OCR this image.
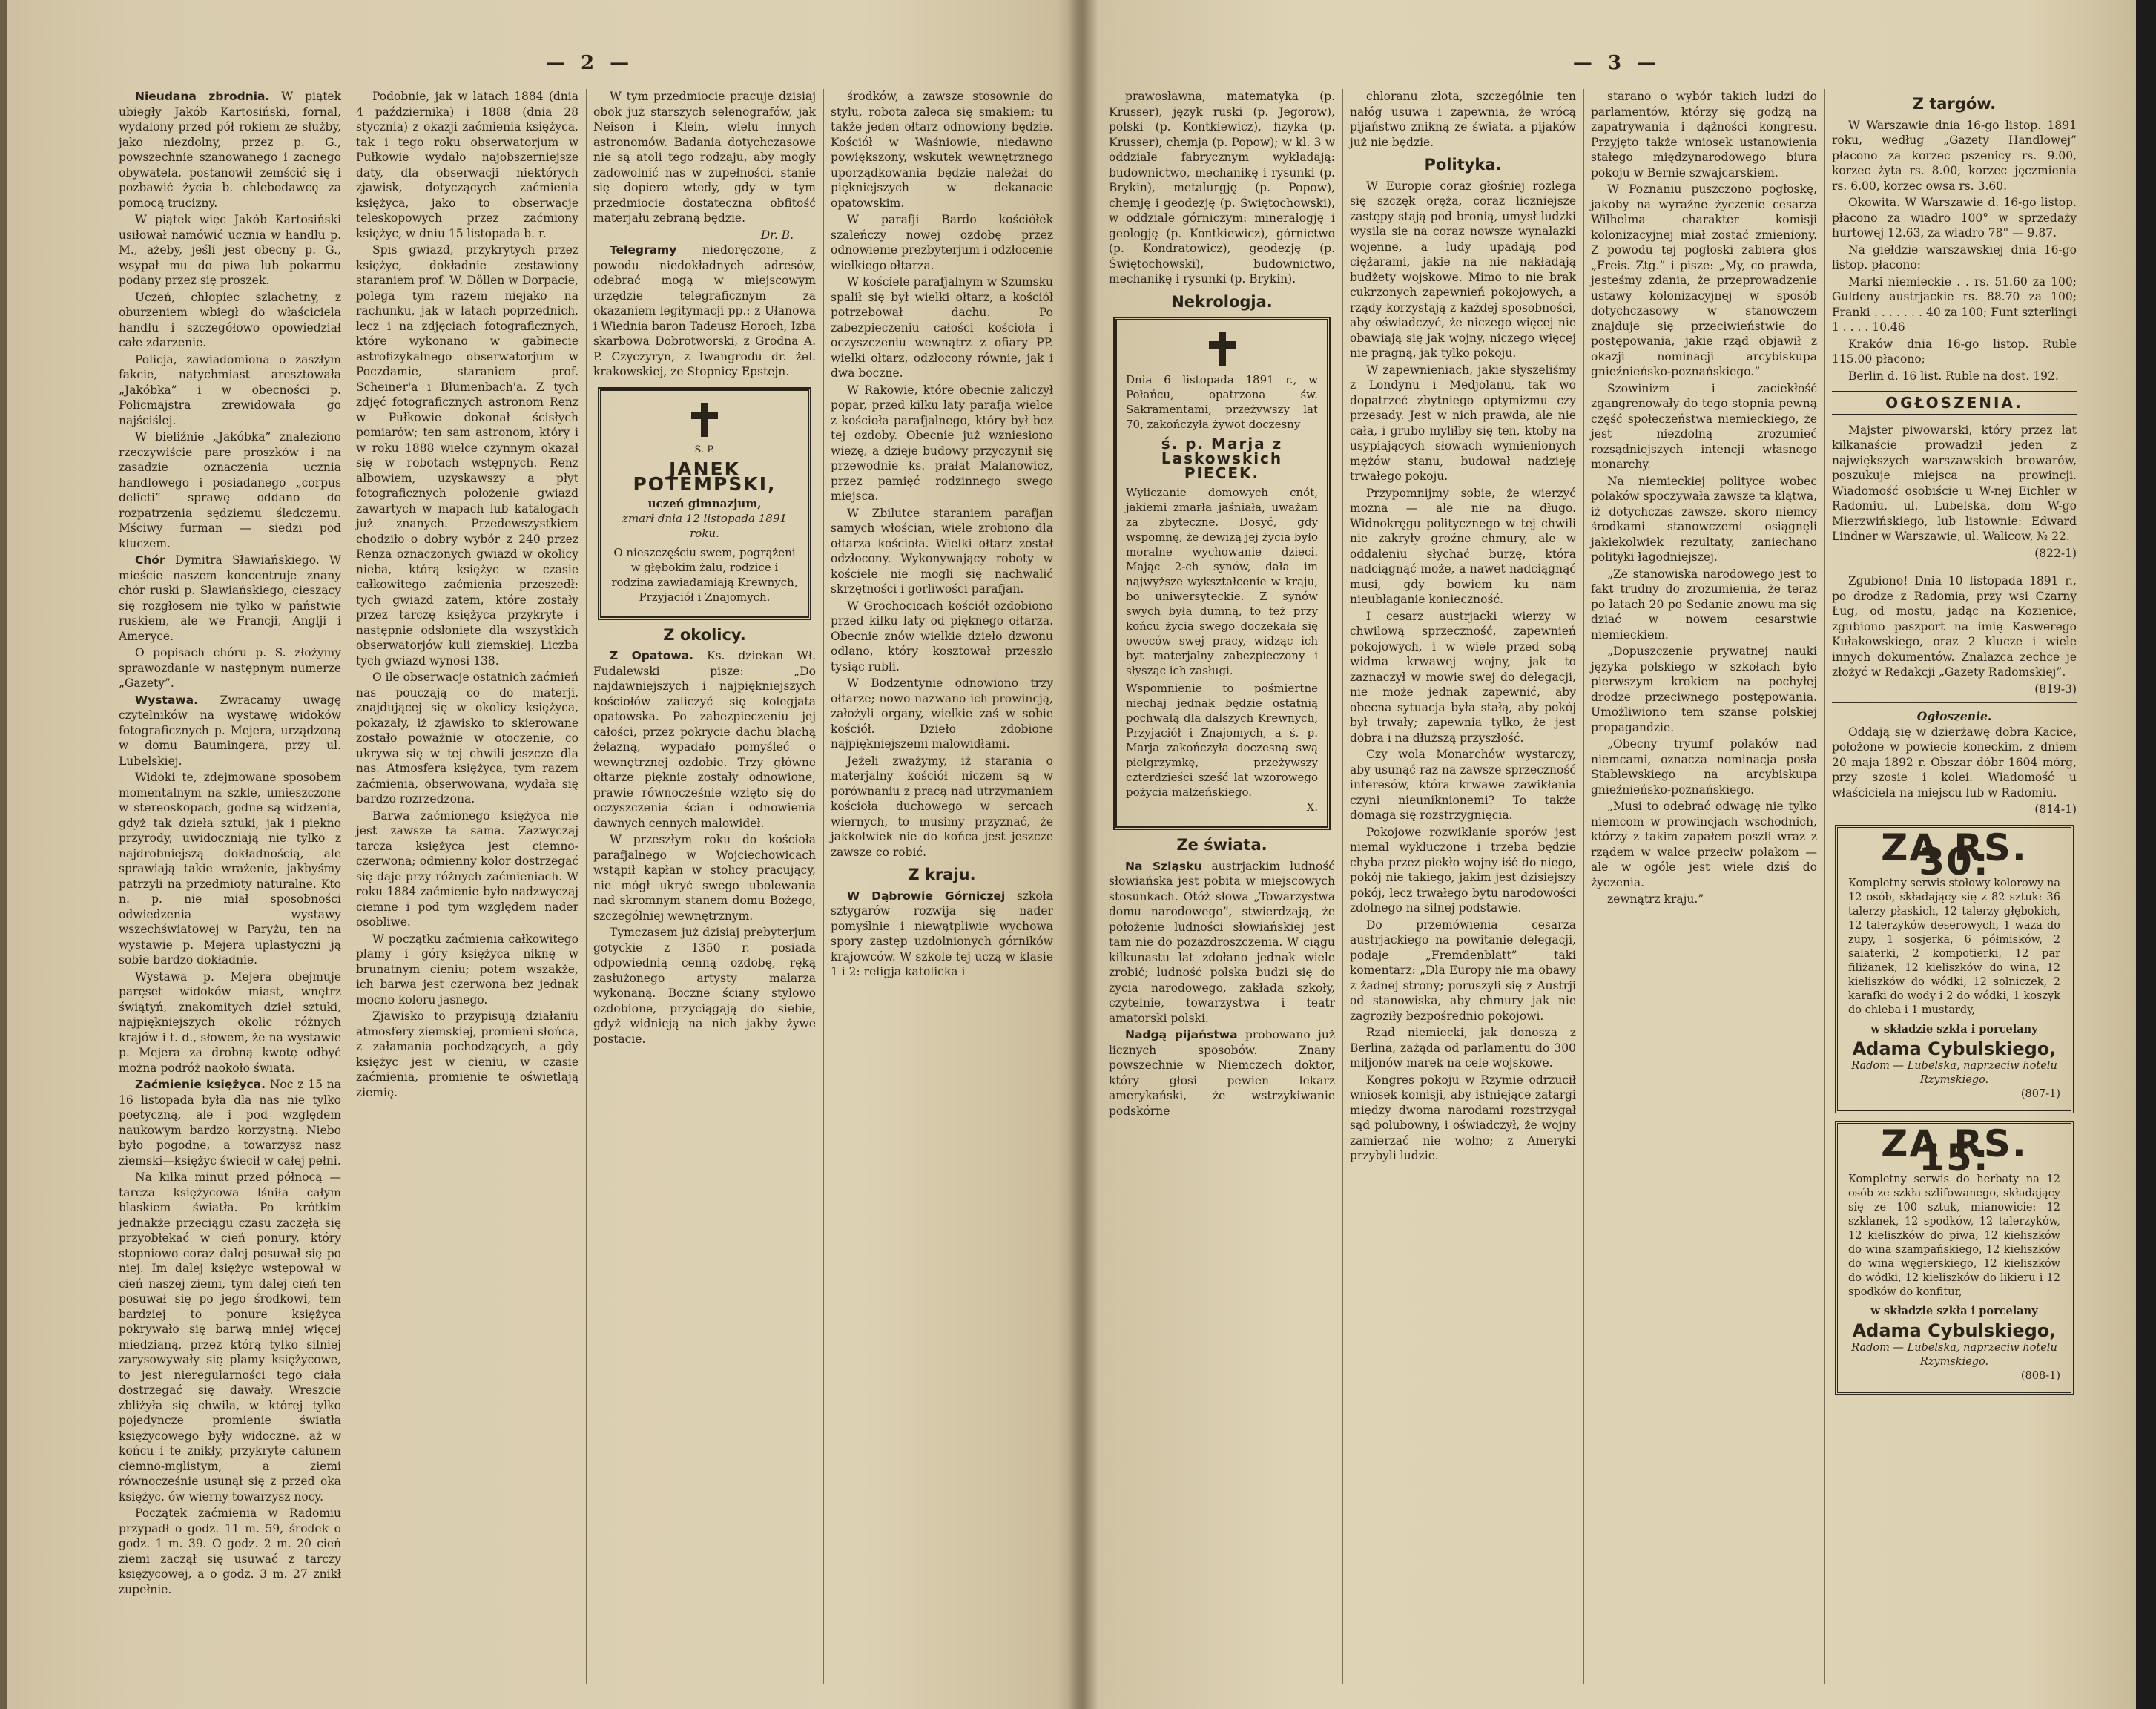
— 2 —

Nieudana zbrodnia. W piątek ubiegły Jakób Kartosiński, fornal, wydalony przed pół rokiem ze służby, jako niezdolny, przez p. G., powszechnie szanowanego i zacnego obywatela, postanowił zemścić się i pozbawić życia b. chlebodawcę za pomocą trucizny.

W piątek więc Jakób Kartosiński usiłował namówić ucznia w handlu p. M., ażeby, jeśli jest obecny p. G., wsypał mu do piwa lub pokarmu podany przez się proszek.

Uczeń, chłopiec szlachetny, z oburzeniem wbiegł do właściciela handlu i szczegółowo opowiedział całe zdarzenie.

Policja, zawiadomiona o zaszłym fakcie, natychmiast aresztowała „Jakóbka” i w obecności p. Policmajstra zrewidowała go najściślej.

W bieliźnie „Jakóbka” znaleziono rzeczywiście parę proszków i na zasadzie oznaczenia ucznia handlowego i posiadanego „corpus delicti” sprawę oddano do rozpatrzenia sędziemu śledczemu. Mściwy furman — siedzi pod kluczem.

Chór Dymitra Sławiańskiego. W mieście naszem koncentruje znany chór ruski p. Sławiańskiego, cieszący się rozgłosem nie tylko w państwie ruskiem, ale we Francji, Anglji i Ameryce.

O popisach chóru p. S. złożymy sprawozdanie w następnym numerze „Gazety”.

Wystawa. Zwracamy uwagę czytelników na wystawę widoków fotograficznych p. Mejera, urządzoną w domu Baumingera, przy ul. Lubelskiej.

Widoki te, zdejmowane sposobem momentalnym na szkle, umieszczone w stereoskopach, godne są widzenia, gdyż tak dzieła sztuki, jak i piękno przyrody, uwidoczniają nie tylko z najdrobniejszą dokładnością, ale sprawiają takie wrażenie, jakbyśmy patrzyli na przedmioty naturalne. Kto n. p. nie miał sposobności odwiedzenia wystawy wszechświatowej w Paryżu, ten na wystawie p. Mejera uplastyczni ją sobie bardzo dokładnie.

Wystawa p. Mejera obejmuje paręset widoków miast, wnętrz świątyń, znakomitych dzieł sztuki, najpiękniejszych okolic różnych krajów i t. d., słowem, że na wystawie p. Mejera za drobną kwotę odbyć można podróż naokoło świata.

Zaćmienie księżyca. Noc z 15 na 16 listopada była dla nas nie tylko poetyczną, ale i pod względem naukowym bardzo korzystną. Niebo było pogodne, a towarzysz nasz ziemski—księżyc świecił w całej pełni.

Na kilka minut przed północą — tarcza księżycowa lśniła całym blaskiem światła. Po krótkim jednakże przeciągu czasu zaczęła się przyobłekać w cień ponury, który stopniowo coraz dalej posuwał się po niej. Im dalej księżyc wstępował w cień naszej ziemi, tym dalej cień ten posuwał się po jego środkowi, tem bardziej to ponure księżyca pokrywało się barwą mniej więcej miedzianą, przez którą tylko silniej zarysowywały się plamy księżycowe, to jest nieregularności tego ciała dostrzegać się dawały. Wreszcie zbliżyła się chwila, w której tylko pojedyncze promienie światła księżycowego były widoczne, aż w końcu i te znikły, przykryte całunem ciemno-mglistym, a ziemi równocześnie usunął się z przed oka księżyc, ów wierny towarzysz nocy.

Początek zaćmienia w Radomiu przypadł o godz. 11 m. 59, środek o godz. 1 m. 39. O godz. 2 m. 20 cień ziemi zaczął się usuwać z tarczy księżycowej, a o godz. 3 m. 27 znikł zupełnie.

Podobnie, jak w latach 1884 (dnia 4 października) i 1888 (dnia 28 stycznia) z okazji zaćmienia księżyca, tak i tego roku obserwatorjum w Pułkowie wydało najobszerniejsze daty, dla obserwacji niektórych zjawisk, dotyczących zaćmienia księżyca, jako to obserwacje teleskopowych przez zaćmiony księżyc, w dniu 15 listopada b. r.

Spis gwiazd, przykrytych przez księżyc, dokładnie zestawiony staraniem prof. W. Döllen w Dorpacie, polega tym razem niejako na rachunku, jak w latach poprzednich, lecz i na zdjęciach fotograficznych, które wykonano w gabinecie astrofizykalnego obserwatorjum w Poczdamie, staraniem prof. Scheiner'a i Blumenbach'a. Z tych zdjęć fotograficznych astronom Renz w Pułkowie dokonał ścisłych pomiarów; ten sam astronom, który i w roku 1888 wielce czynnym okazał się w robotach wstępnych. Renz albowiem, uzyskawszy a płyt fotograficznych położenie gwiazd zawartych w mapach lub katalogach już znanych. Przedewszystkiem chodziło o dobry wybór z 240 przez Renza oznaczonych gwiazd w okolicy nieba, którą księżyc w czasie całkowitego zaćmienia przeszedł: tych gwiazd zatem, które zostały przez tarczę księżyca przykryte i następnie odsłonięte dla wszystkich obserwatorjów kuli ziemskiej. Liczba tych gwiazd wynosi 138.

O ile obserwacje ostatnich zaćmień nas pouczają co do materji, znajdującej się w okolicy księżyca, pokazały, iż zjawisko to skierowane zostało poważnie w otoczenie, co ukrywa się w tej chwili jeszcze dla nas. Atmosfera księżyca, tym razem zaćmienia, obserwowana, wydała się bardzo rozrzedzona.

Barwa zaćmionego księżyca nie jest zawsze ta sama. Zazwyczaj tarcza księżyca jest ciemno-czerwona; odmienny kolor dostrzegać się daje przy różnych zaćmieniach. W roku 1884 zaćmienie było nadzwyczaj ciemne i pod tym względem nader osobliwe.

W początku zaćmienia całkowitego plamy i góry księżyca niknę w brunatnym cieniu; potem wszakże, ich barwa jest czerwona bez jednak mocno koloru jasnego.

Zjawisko to przypisują działaniu atmosfery ziemskiej, promieni słońca, z załamania pochodzących, a gdy księżyc jest w cieniu, w czasie zaćmienia, promienie te oświetlają ziemię.

W tym przedmiocie pracuje dzisiaj obok już starszych selenografów, jak Neison i Klein, wielu innych astronomów. Badania dotychczasowe nie są atoli tego rodzaju, aby mogły zadowolnić nas w zupełności, stanie się dopiero wtedy, gdy w tym przedmiocie dostateczna obfitość materjału zebraną będzie.

Dr. B.

Telegramy niedoręczone, z powodu niedokładnych adresów, odebrać mogą w miejscowym urzędzie telegraficznym za okazaniem legitymacji pp.: z Ułanowa i Wiednia baron Tadeusz Horoch, Izba skarbowa Dobrotworski, z Grodna A. P. Czyczyryn, z Iwangrodu dr. żel. krakowskiej, ze Stopnicy Epstejn.

S. P.
JANEK POTEMPSKI,
uczeń gimnazjum,
zmarł dnia 12 listopada 1891 roku.
O nieszczęściu swem, pogrążeni w głębokim żalu, rodzice i rodzina zawiadamiają Krewnych, Przyjaciół i Znajomych.
Z okolicy.

Z Opatowa. Ks. dziekan Wł. Fudalewski pisze: „Do najdawniejszych i najpiękniejszych kościołów zaliczyć się kolegjata opatowska. Po zabezpieczeniu jej całości, przez pokrycie dachu blachą żelazną, wypadało pomyśleć o wewnętrznej ozdobie. Trzy główne ołtarze pięknie zostały odnowione, prawie równocześnie wzięto się do oczyszczenia ścian i odnowienia dawnych cennych malowideł.

W przeszłym roku do kościoła parafjalnego w Wojciechowicach wstąpił kapłan w stolicy pracujący, nie mógł ukryć swego ubolewania nad skromnym stanem domu Bożego, szczególniej wewnętrznym.

Tymczasem już dzisiaj prebyterjum gotyckie z 1350 r. posiada odpowiednią cenną ozdobę, ręką zasłużonego artysty malarza wykonaną. Boczne ściany stylowo ozdobione, przyciągają do siebie, gdyż widnieją na nich jakby żywe postacie.

środków, a zawsze stosownie do stylu, robota zaleca się smakiem; tu także jeden ołtarz odnowiony będzie. Kościół w Waśniowie, niedawno powiększony, wskutek wewnętrznego uporządkowania będzie należał do piękniejszych w dekanacie opatowskim.

W parafji Bardo kościółek szaleńczy nowej ozdobę przez odnowienie prezbyterjum i odzłocenie wielkiego ołtarza.

W kościele parafjalnym w Szumsku spalił się był wielki ołtarz, a kościół potrzebował dachu. Po zabezpieczeniu całości kościoła i oczyszczeniu wewnątrz z ofiary PP. wielki ołtarz, odzłocony równie, jak i dwa boczne.

W Rakowie, które obecnie zaliczył popar, przed kilku laty parafja wielce z kościoła parafjalnego, który był bez tej ozdoby. Obecnie już wzniesiono wieżę, a dzieje budowy przyczynił się przewodnie ks. prałat Malanowicz, przez pamięć rodzinnego swego miejsca.

W Zbilutce staraniem parafjan samych włościan, wiele zrobiono dla ołtarza kościoła. Wielki ołtarz został odzłocony. Wykonywający roboty w kościele nie mogli się nachwalić skrzętności i gorliwości parafjan.

W Grochocicach kościół ozdobiono przed kilku laty od pięknego ołtarza. Obecnie znów wielkie dzieło dzwonu odlano, który kosztował przeszło tysiąc rubli.

W Bodzentynie odnowiono trzy ołtarze; nowo nazwano ich prowincją, założyli organy, wielkie zaś w sobie kościół. Dzieło zdobione najpiękniejszemi malowidłami.

Jeżeli zważymy, iż starania o materjalny kościół niczem są w porównaniu z pracą nad utrzymaniem kościoła duchowego w sercach wiernych, to musimy przyznać, że jakkolwiek nie do końca jest jeszcze zawsze co robić.

Z kraju.

W Dąbrowie Górniczej szkoła sztygarów rozwija się nader pomyślnie i niewątpliwie wychowa spory zastęp uzdolnionych górników krajowców. W szkole tej uczą w klasie 1 i 2: religja katolicka i

— 3 —

prawosławna, matematyka (p. Krusser), język ruski (p. Jegorow), polski (p. Kontkiewicz), fizyka (p. Krusser), chemja (p. Popow); w kl. 3 w oddziale fabrycznym wykładają: budownictwo, mechanikę i rysunki (p. Brykin), metalurgję (p. Popow), chemję i geodezję (p. Świętochowski), w oddziale górniczym: mineralogję i geologję (p. Kontkiewicz), górnictwo (p. Kondratowicz), geodezję (p. Świętochowski), budownictwo, mechanikę i rysunki (p. Brykin).

Nekrologja.
Dnia 6 listopada 1891 r., w Połańcu, opatrzona św. Sakramentami, przeżywszy lat 70, zakończyła żywot doczesny
ś. p. Marja z Laskowskich PIECEK.
Wyliczanie domowych cnót, jakiemi zmarła jaśniała, uważam za zbyteczne. Dosyć, gdy wspomnę, że dewizą jej życia było moralne wychowanie dzieci. Mając 2-ch synów, dała im najwyższe wykształcenie w kraju, bo uniwersyteckie. Z synów swych była dumną, to też przy końcu życia swego doczekała się owoców swej pracy, widząc ich byt materjalny zabezpieczony i słysząc ich zasługi.
Wspomnienie to pośmiertne niechaj jednak będzie ostatnią pochwałą dla dalszych Krewnych, Przyjaciół i Znajomych, a ś. p. Marja zakończyła doczesną swą pielgrzymkę, przeżywszy czterdzieści sześć lat wzorowego pożycia małżeńskiego.
X.
Ze świata.

Na Szląsku austrjackim ludność słowiańska jest pobita w miejscowych stosunkach. Otóż słowa „Towarzystwa domu narodowego”, stwierdzają, że położenie ludności słowiańskiej jest tam nie do pozazdroszczenia. W ciągu kilkunastu lat zdołano jednak wiele zrobić; ludność polska budzi się do życia narodowego, zakłada szkoły, czytelnie, towarzystwa i teatr amatorski polski.

Nadgą pijaństwa probowano już licznych sposobów. Znany powszechnie w Niemczech doktor, który głosi pewien lekarz amerykański, że wstrzykiwanie podskórne

chloranu złota, szczególnie ten nałóg usuwa i zapewnia, że wrócą pijaństwo znikną ze świata, a pijaków już nie będzie.

Polityka.

W Europie coraz głośniej rozlega się szczęk oręża, coraz liczniejsze zastępy stają pod bronią, umysł ludzki wysila się na coraz nowsze wynalazki wojenne, a ludy upadają pod ciężarami, jakie na nie nakładają budżety wojskowe. Mimo to nie brak cukrzonych zapewnień pokojowych, a rządy korzystają z każdej sposobności, aby oświadczyć, że niczego więcej nie obawiają się jak wojny, niczego więcej nie pragną, jak tylko pokoju.

W zapewnieniach, jakie słyszeliśmy z Londynu i Medjolanu, tak wo dopatrzeć zbytniego optymizmu czy przesady. Jest w nich prawda, ale nie cała, i grubo myliłby się ten, ktoby na usypiających słowach wymienionych mężów stanu, budował nadzieję trwałego pokoju.

Przypomnijmy sobie, że wierzyć można — ale nie na długo. Widnokręgu politycznego w tej chwili nie zakryły groźne chmury, ale w oddaleniu słychać burzę, która nadciągnąć może, a nawet nadciągnąć musi, gdy bowiem ku nam nieubłaganie konieczność.

I cesarz austrjacki wierzy w chwilową sprzeczność, zapewnień pokojowych, i w wiele przed sobą widma krwawej wojny, jak to zaznaczył w mowie swej do delegacji, nie może jednak zapewnić, aby obecna sytuacja była stałą, aby pokój był trwały; zapewnia tylko, że jest dobra i na dłuższą przyszłość.

Czy wola Monarchów wystarczy, aby usunąć raz na zawsze sprzeczność interesów, która krwawe zawikłania czyni nieuniknionemi? To także domaga się rozstrzygnięcia.

Pokojowe rozwikłanie sporów jest niemal wykluczone i trzeba będzie chyba przez piekło wojny iść do niego, pokój nie takiego, jakim jest dzisiejszy pokój, lecz trwałego bytu narodowości zdolnego na silnej podstawie.

Do przemówienia cesarza austrjackiego na powitanie delegacji, podaje „Fremdenblatt” taki komentarz: „Dla Europy nie ma obawy z żadnej strony; poruszyli się z Austrji od stanowiska, aby chmury jak nie zagroziły bezpośrednio pokojowi.

Rząd niemiecki, jak donoszą z Berlina, zażąda od parlamentu do 300 miljonów marek na cele wojskowe.

Kongres pokoju w Rzymie odrzucił wniosek komisji, aby istniejące zatargi między dwoma narodami rozstrzygał sąd polubowny, i oświadczył, że wojny zamierzać nie wolno; z Ameryki przybyli ludzie.

starano o wybór takich ludzi do parlamentów, którzy się godzą na zapatrywania i dążności kongresu. Przyjęto także wniosek ustanowienia stałego międzynarodowego biura pokoju w Bernie szwajcarskiem.

W Poznaniu puszczono pogłoskę, jakoby na wyraźne życzenie cesarza Wilhelma charakter komisji kolonizacyjnej miał zostać zmieniony. Z powodu tej pogłoski zabiera głos „Freis. Ztg.” i pisze: „My, co prawda, jesteśmy zdania, że przeprowadzenie ustawy kolonizacyjnej w sposób dotychczasowy w stanowczem znajduje się przeciwieństwie do postępowania, jakie rząd objawił z okazji nominacji arcybiskupa gnieźnieńsko-poznańskiego.”

Szowinizm i zaciekłość zgangrenowały do tego stopnia pewną część społeczeństwa niemieckiego, że jest niezdolną zrozumieć rozsądniejszych intencji własnego monarchy.

Na niemieckiej polityce wobec polaków spoczywała zawsze ta klątwa, iż dotychczas zawsze, skoro niemcy środkami stanowczemi osiągnęli jakiekolwiek rezultaty, zaniechano polityki łagodniejszej.

„Ze stanowiska narodowego jest to fakt trudny do zrozumienia, że teraz po latach 20 po Sedanie znowu ma się dziać w nowem cesarstwie niemieckiem.

„Dopuszczenie prywatnej nauki języka polskiego w szkołach było pierwszym krokiem na pochyłej drodze przeciwnego postępowania. Umożliwiono tem szanse polskiej propagandzie.

„Obecny tryumf polaków nad niemcami, oznacza nominacja posła Stablewskiego na arcybiskupa gnieźnieńsko-poznańskiego.

„Musi to odebrać odwagę nie tylko niemcom w prowincjach wschodnich, którzy z takim zapałem poszli wraz z rządem w walce przeciw polakom — ale w ogóle jest wiele dziś do życzenia.

zewnątrz kraju.”

Z targów.

W Warszawie dnia 16-go listop. 1891 roku, według „Gazety Handlowej” płacono za korzec pszenicy rs. 9.00, korzec żyta rs. 8.00, korzec jęczmienia rs. 6.00, korzec owsa rs. 3.60.

Okowita. W Warszawie d. 16-go listop. płacono za wiadro 100° w sprzedaży hurtowej 12.63, za wiadro 78° — 9.87.

Na giełdzie warszawskiej dnia 16-go listop. płacono:

Marki niemieckie . . rs. 51.60 za 100; Guldeny austrjackie rs. 88.70 za 100; Franki . . . . . . . 40 za 100; Funt szterlingi 1 . . . . 10.46

Kraków dnia 16-go listop. Ruble 115.00 płacono;

Berlin d. 16 list. Ruble na dost. 192.

OGŁOSZENIA.

Majster piwowarski, który przez lat kilkanaście prowadził jeden z największych warszawskich browarów, poszukuje miejsca na prowincji. Wiadomość osobiście u W-nej Eichler w Radomiu, ul. Lubelska, dom W-go Mierzwińskiego, lub listownie: Edward Lindner w Warszawie, ul. Walicow, № 22.

(822-1)

Zgubiono! Dnia 10 listopada 1891 r., po drodze z Radomia, przy wsi Czarny Ług, od mostu, jadąc na Kozienice, zgubiono paszport na imię Kaswerego Kułakowskiego, oraz 2 klucze i wiele innych dokumentów. Znalazca zechce je złożyć w Redakcji „Gazety Radomskiej”.

(819-3)
Ogłoszenie.

Oddają się w dzierżawę dobra Kacice, położone w powiecie koneckim, z dniem 20 maja 1892 r. Obszar dóbr 1604 mórg, przy szosie i kolei. Wiadomość u właściciela na miejscu lub w Radomiu.

(814-1)
ZA RS. 30:
Kompletny serwis stołowy kolorowy na 12 osób, składający się z 82 sztuk: 36 talerzy płaskich, 12 talerzy głębokich, 12 talerzyków deserowych, 1 waza do zupy, 1 sosjerka, 6 półmisków, 2 salaterki, 2 kompotierki, 12 par filiżanek, 12 kieliszków do wina, 12 kieliszków do wódki, 12 solniczek, 2 karafki do wody i 2 do wódki, 1 koszyk do chleba i 1 mustardy,
w składzie szkła i porcelany
Adama Cybulskiego,
Radom — Lubelska, naprzeciw hotelu Rzymskiego.
(807-1)
ZA RS. 15:
Kompletny serwis do herbaty na 12 osób ze szkła szlifowanego, składający się ze 100 sztuk, mianowicie: 12 szklanek, 12 spodków, 12 talerzyków, 12 kieliszków do piwa, 12 kieliszków do wina szampańskiego, 12 kieliszków do wina węgierskiego, 12 kieliszków do wódki, 12 kieliszków do likieru i 12 spodków do konfitur,
w składzie szkła i porcelany
Adama Cybulskiego,
Radom — Lubelska, naprzeciw hotelu Rzymskiego.
(808-1)
